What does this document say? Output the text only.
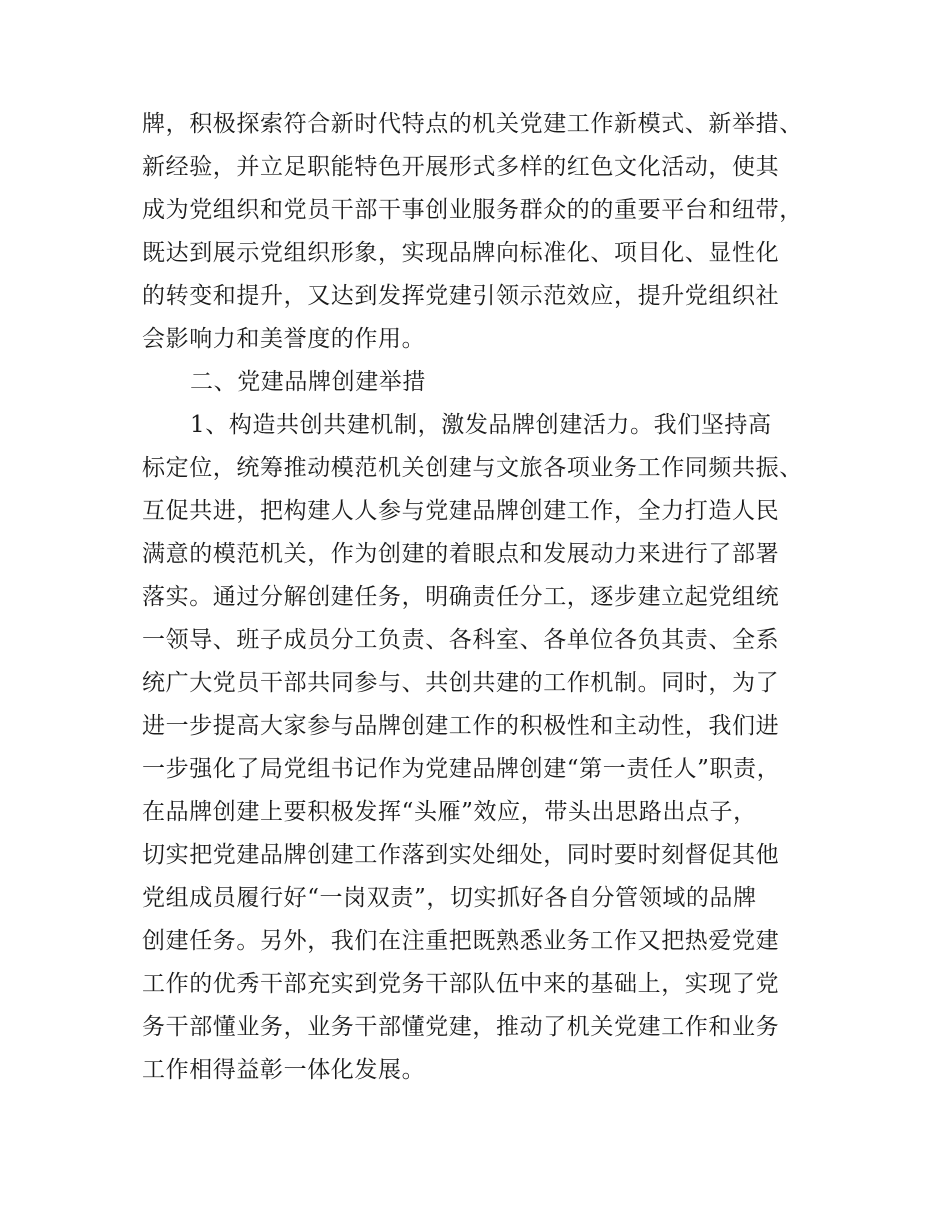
牌，积极探索符合新时代特点的机关党建工作新模式、新举措、
新经验，并立足职能特色开展形式多样的红色文化活动，使其
成为党组织和党员干部干事创业服务群众的的重要平台和纽带，
既达到展示党组织形象，实现品牌向标准化、项目化、显性化
的转变和提升，又达到发挥党建引领示范效应，提升党组织社
会影响力和美誉度的作用。
二、党建品牌创建举措
1、构造共创共建机制，激发品牌创建活力。我们坚持高
标定位，统筹推动模范机关创建与文旅各项业务工作同频共振、
互促共进，把构建人人参与党建品牌创建工作，全力打造人民
满意的模范机关，作为创建的着眼点和发展动力来进行了部署
落实。通过分解创建任务，明确责任分工，逐步建立起党组统
一领导、班子成员分工负责、各科室、各单位各负其责、全系
统广大党员干部共同参与、共创共建的工作机制。同时，为了
进一步提高大家参与品牌创建工作的积极性和主动性，我们进
一步强化了局党组书记作为党建品牌创建“第一责任人”职责，
在品牌创建上要积极发挥“头雁”效应，带头出思路出点子，
切实把党建品牌创建工作落到实处细处，同时要时刻督促其他
党组成员履行好“一岗双责”，切实抓好各自分管领域的品牌
创建任务。另外，我们在注重把既熟悉业务工作又把热爱党建
工作的优秀干部充实到党务干部队伍中来的基础上，实现了党
务干部懂业务，业务干部懂党建，推动了机关党建工作和业务
工作相得益彰一体化发展。
